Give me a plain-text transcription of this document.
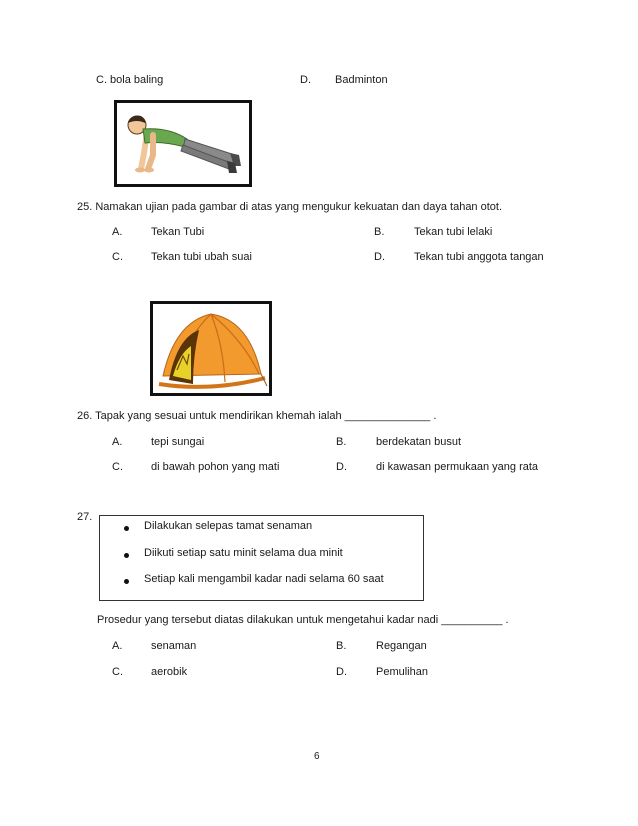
C. bola baling	D. Badminton
25. Namakan ujian pada gambar di atas yang mengukur kekuatan dan daya tahan otot.
A.	Tekan Tubi	B.	Tekan tubi lelaki
C.	Tekan tubi ubah suai	D.	Tekan tubi anggota tangan
26. Tapak yang sesuai untuk mendirikan khemah ialah ______________ .
A.	tepi sungai	B.	berdekatan busut
C.	di bawah pohon yang mati	D.	di kawasan permukaan yang rata
27.
Dilakukan selepas tamat senaman
Diikuti setiap satu minit selama dua minit
Setiap kali mengambil kadar nadi selama 60 saat
Prosedur yang tersebut diatas dilakukan untuk mengetahui kadar nadi __________ .
A.	senaman	B.	Regangan
C.	aerobik	D.	Pemulihan
6
